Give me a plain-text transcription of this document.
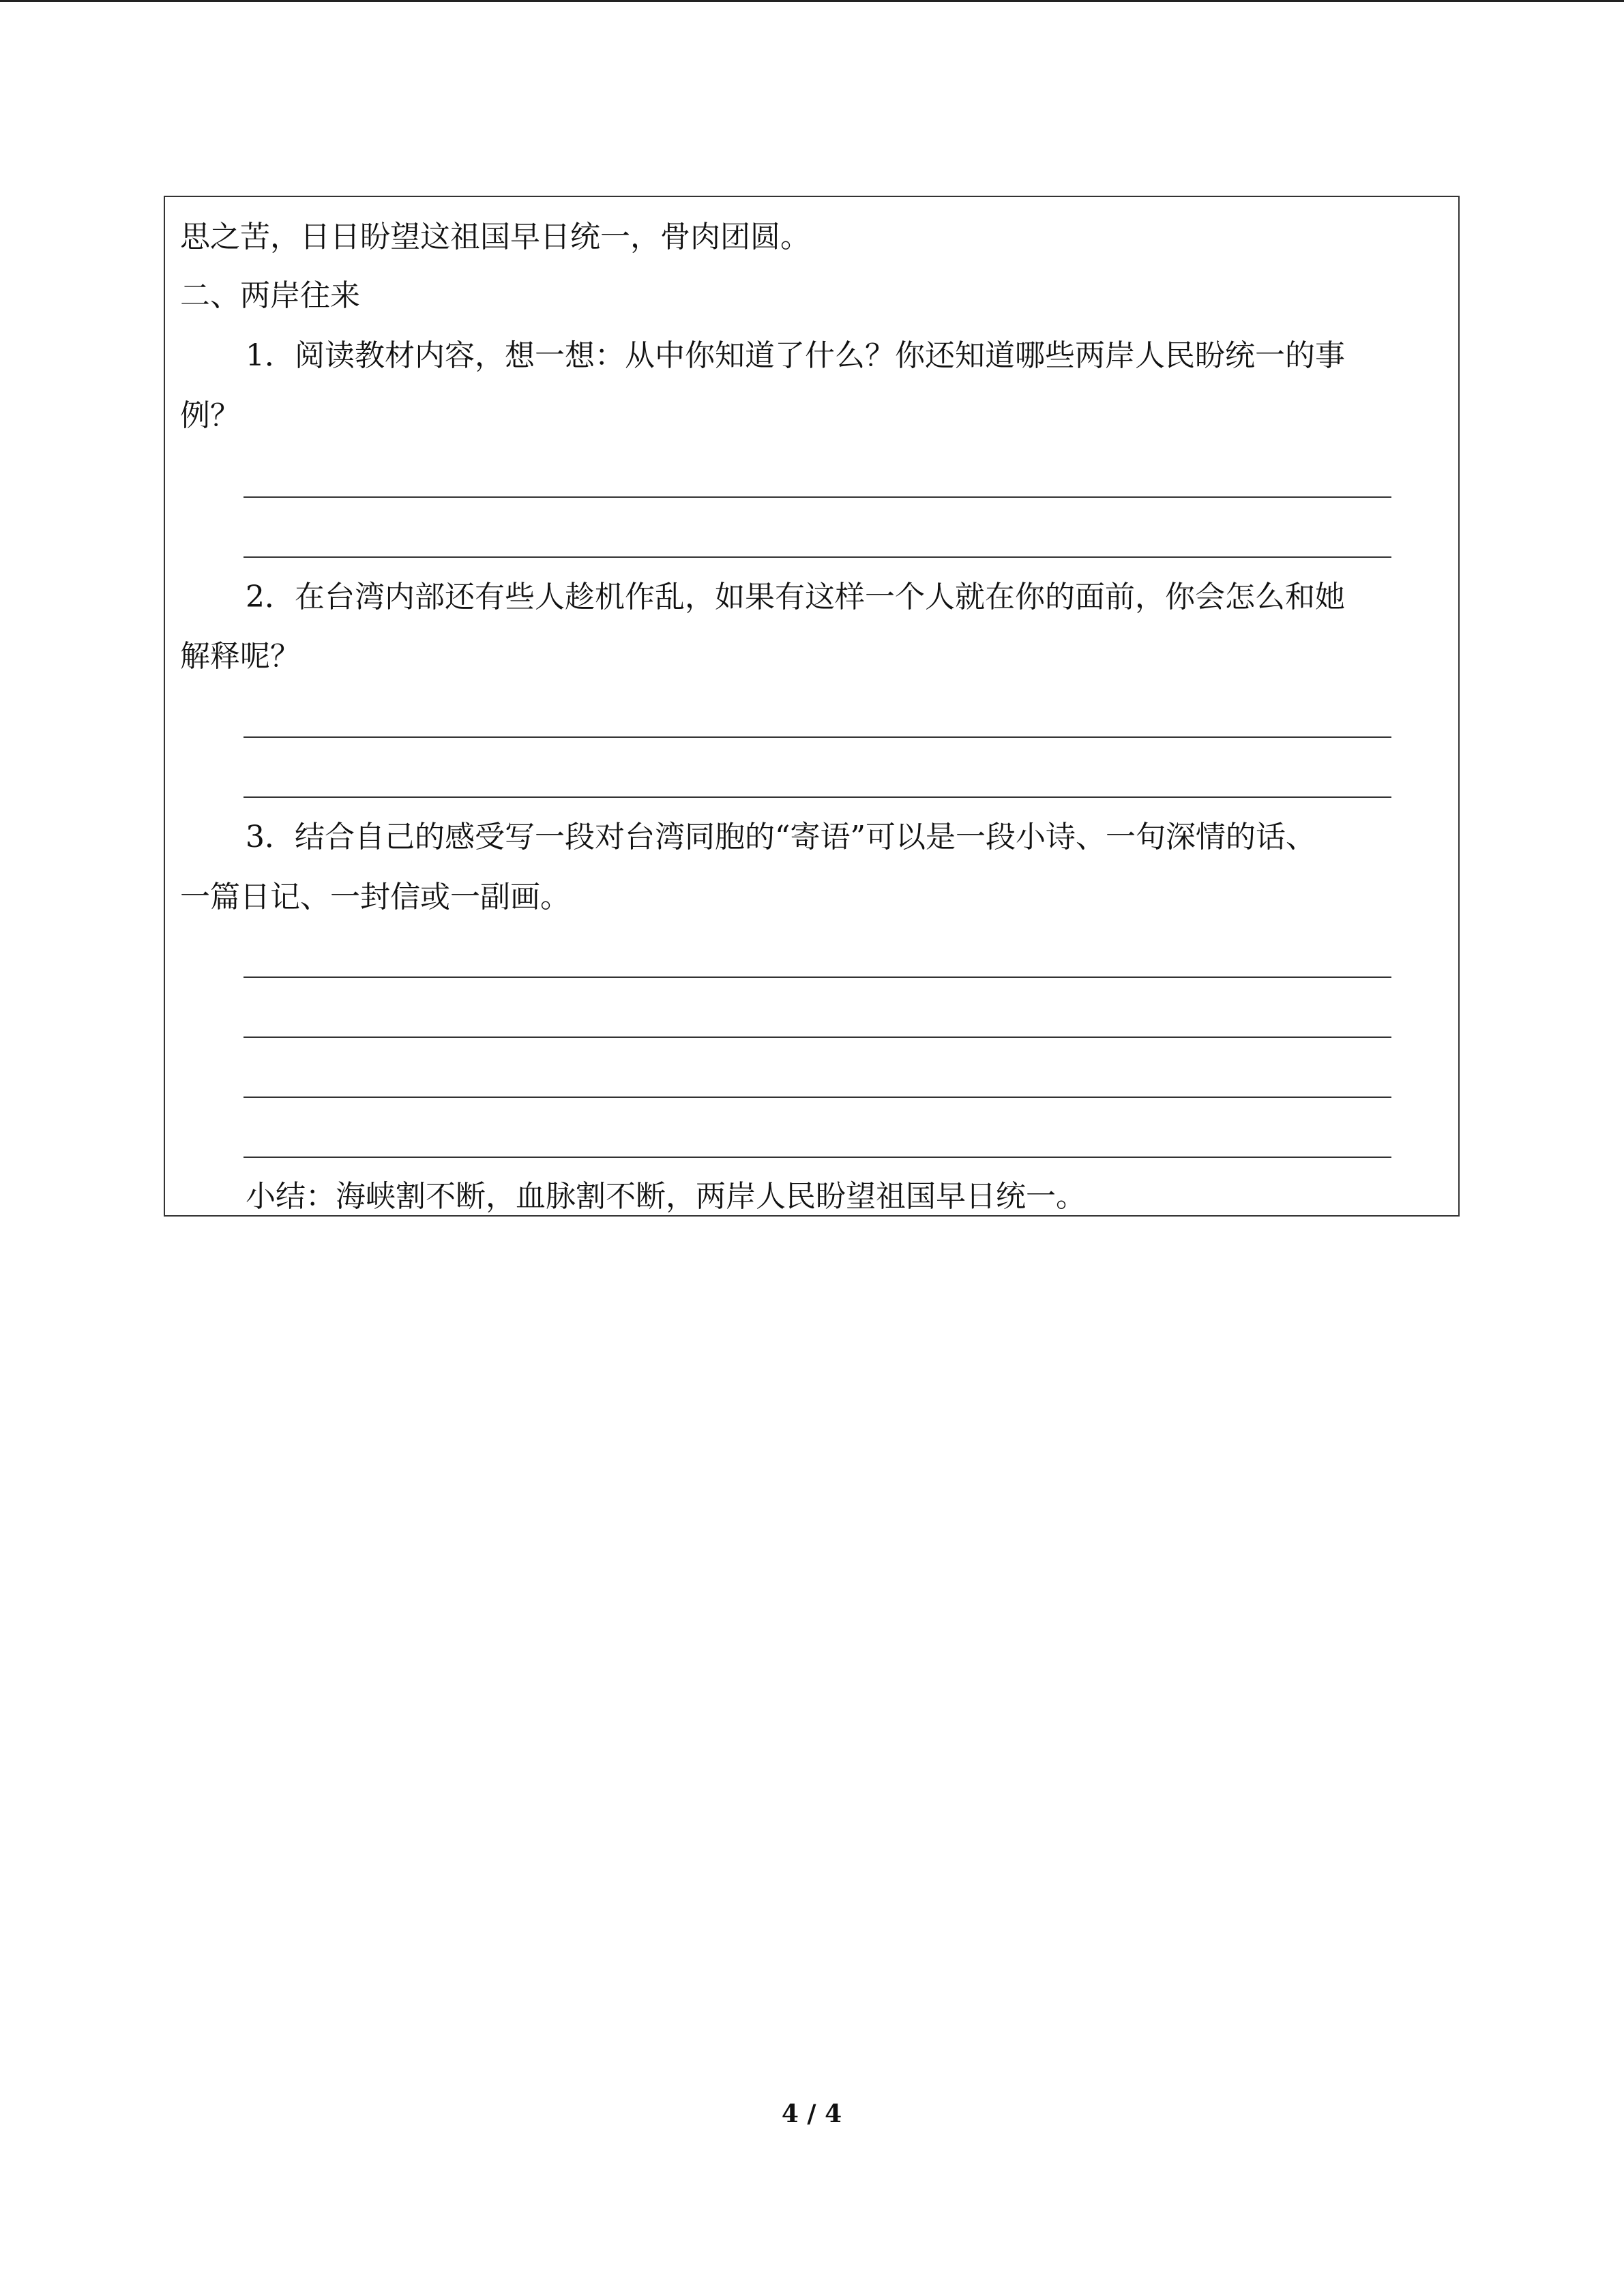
思之苦，日日盼望这祖国早日统一，骨肉团圆。
二、两岸往来
1．阅读教材内容，想一想：从中你知道了什么？你还知道哪些两岸人民盼统一的事
例？
2．在台湾内部还有些人趁机作乱，如果有这样一个人就在你的面前，你会怎么和她
解释呢？
3．结合自己的感受写一段对台湾同胞的“寄语”可以是一段小诗、一句深情的话、
一篇日记、一封信或一副画。
小结：海峡割不断，血脉割不断，两岸人民盼望祖国早日统一。
4 / 4
